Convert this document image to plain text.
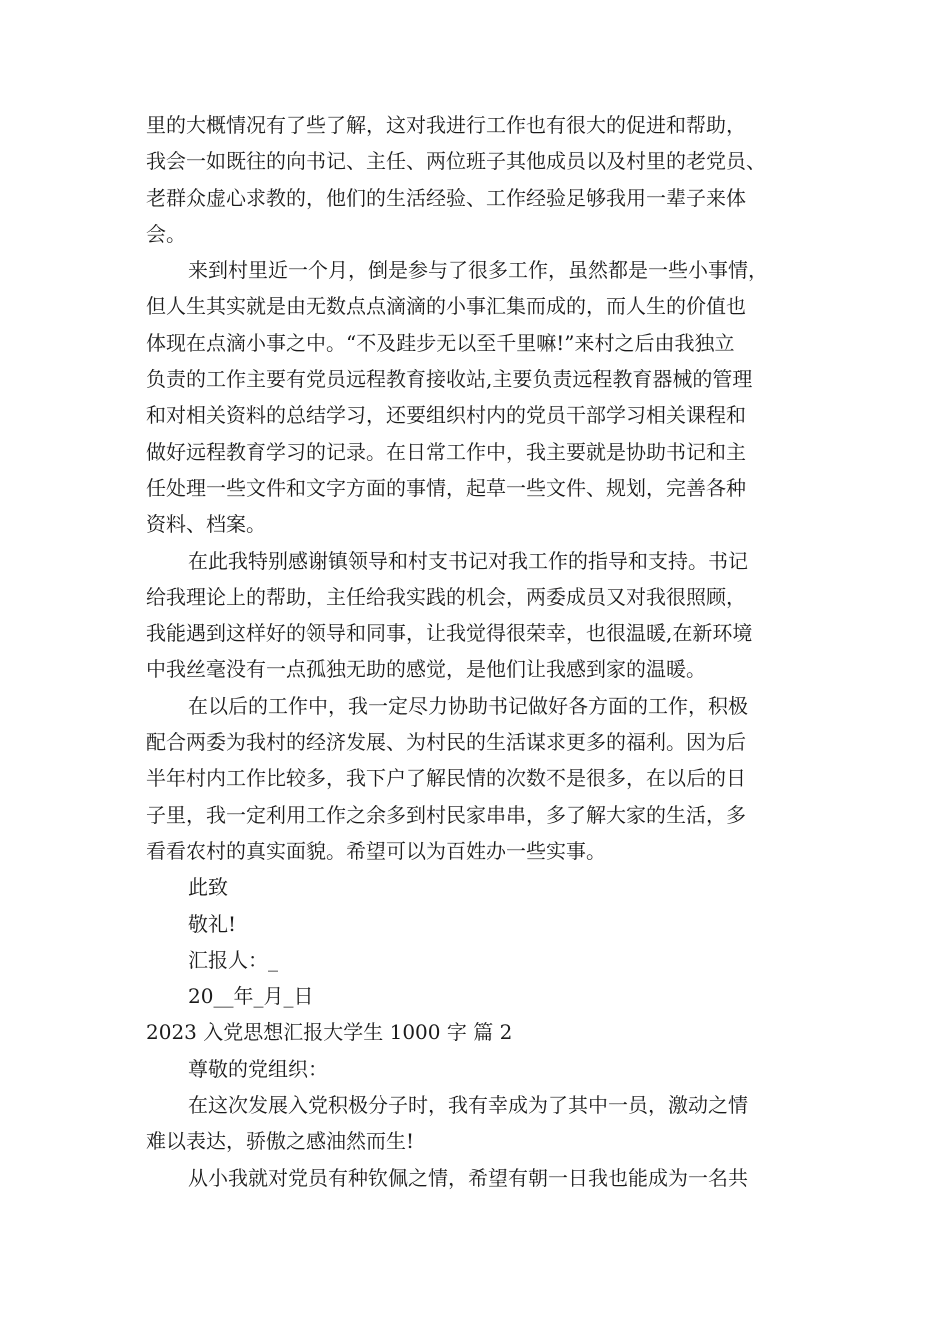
里的大概情况有了些了解，这对我进行工作也有很大的促进和帮助，
我会一如既往的向书记、主任、两位班子其他成员以及村里的老党员、
老群众虚心求教的，他们的生活经验、工作经验足够我用一辈子来体
会。
来到村里近一个月，倒是参与了很多工作，虽然都是一些小事情，
但人生其实就是由无数点点滴滴的小事汇集而成的，而人生的价值也
体现在点滴小事之中。“不及跬步无以至千里嘛!”来村之后由我独立
负责的工作主要有党员远程教育接收站,主要负责远程教育器械的管理
和对相关资料的总结学习，还要组织村内的党员干部学习相关课程和
做好远程教育学习的记录。在日常工作中，我主要就是协助书记和主
任处理一些文件和文字方面的事情，起草一些文件、规划，完善各种
资料、档案。
在此我特别感谢镇领导和村支书记对我工作的指导和支持。书记
给我理论上的帮助，主任给我实践的机会，两委成员又对我很照顾，
我能遇到这样好的领导和同事，让我觉得很荣幸，也很温暖,在新环境
中我丝毫没有一点孤独无助的感觉，是他们让我感到家的温暖。
在以后的工作中，我一定尽力协助书记做好各方面的工作，积极
配合两委为我村的经济发展、为村民的生活谋求更多的福利。因为后
半年村内工作比较多，我下户了解民情的次数不是很多，在以后的日
子里，我一定利用工作之余多到村民家串串，多了解大家的生活，多
看看农村的真实面貌。希望可以为百姓办一些实事。
此致
敬礼!
汇报人：_
20__年_月_日
2023 入党思想汇报大学生 1000 字 篇 2
尊敬的党组织：
在这次发展入党积极分子时，我有幸成为了其中一员，激动之情
难以表达，骄傲之感油然而生!
从小我就对党员有种钦佩之情，希望有朝一日我也能成为一名共
